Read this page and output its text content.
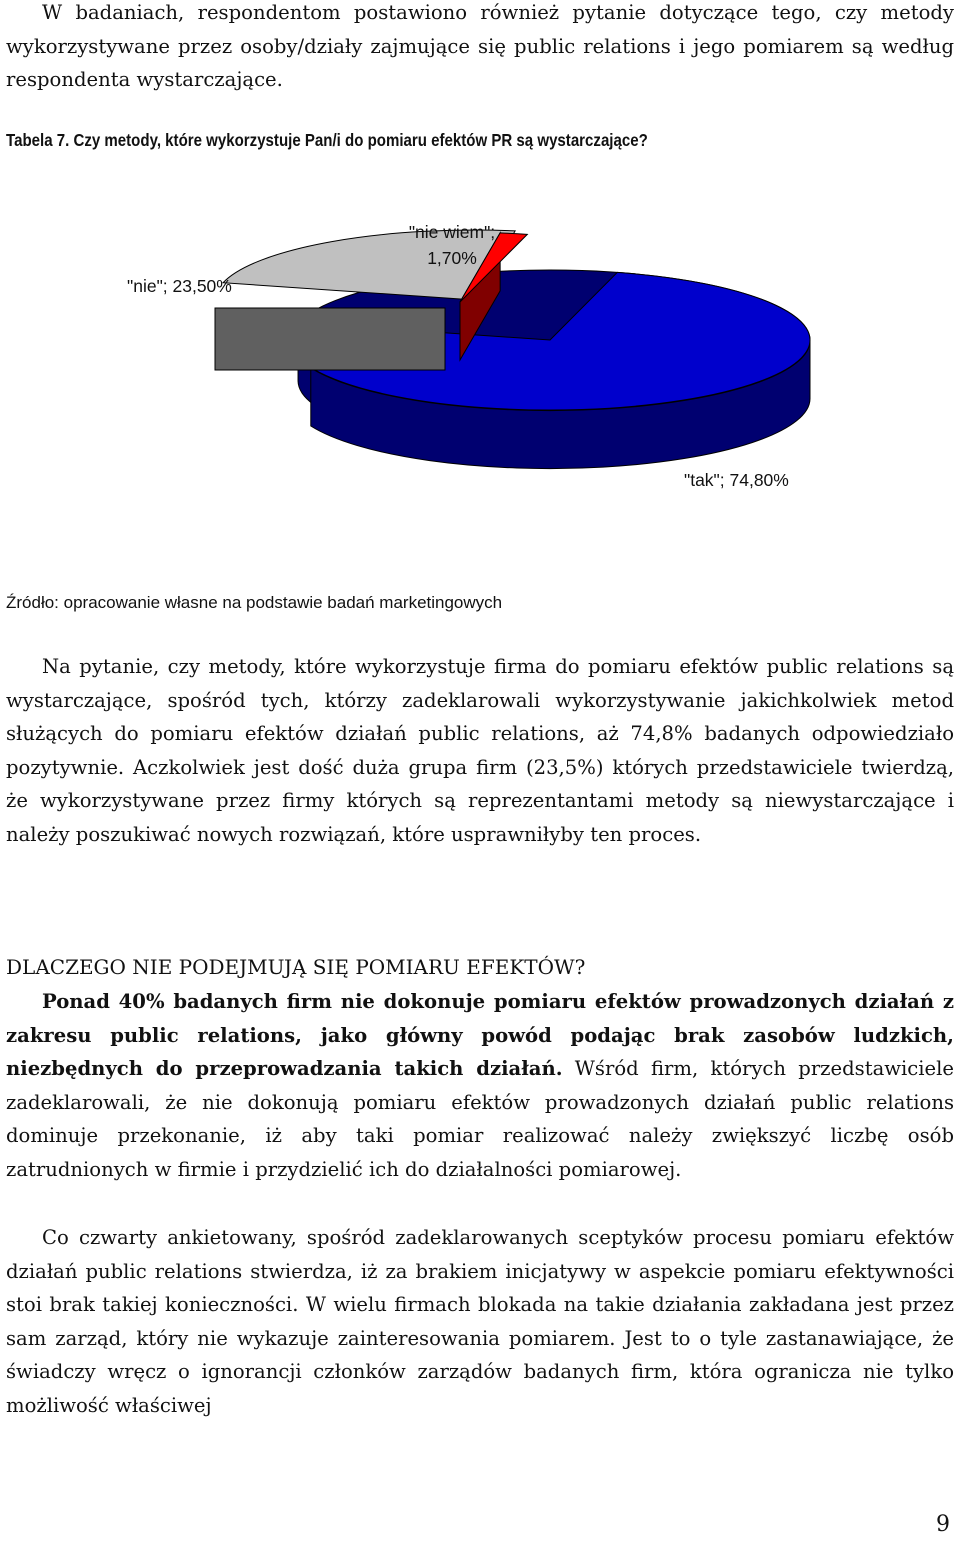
W badaniach, respondentom postawiono również pytanie dotyczące tego, czy metody wykorzystywane przez osoby/działy zajmujące się public relations i jego pomiarem są według respondenta wystarczające.

Tabela 7. Czy metody, które wykorzystuje Pan/i do pomiaru efektów PR są wystarczające?
"nie"; 23,50%
"nie wiem";
1,70%
"tak"; 74,80%
Źródło: opracowanie własne na podstawie badań marketingowych

Na pytanie, czy metody, które wykorzystuje firma do pomiaru efektów public relations są wystarczające, spośród tych, którzy zadeklarowali wykorzystywanie jakichkolwiek metod służących do pomiaru efektów działań public relations, aż 74,8% badanych odpowiedziało pozytywnie. Aczkolwiek jest dość duża grupa firm (23,5%) których przedstawiciele twierdzą, że wykorzystywane przez firmy których są reprezentantami metody są niewystarczające i należy poszukiwać nowych rozwiązań, które usprawniłyby ten proces.

DLACZEGO NIE PODEJMUJĄ SIĘ POMIARU EFEKTÓW?

Ponad 40% badanych firm nie dokonuje pomiaru efektów prowadzonych działań z zakresu public relations, jako główny powód podając brak zasobów ludzkich, niezbędnych do przeprowadzania takich działań. Wśród firm, których przedstawiciele zadeklarowali, że nie dokonują pomiaru efektów prowadzonych działań public relations dominuje przekonanie, iż aby taki pomiar realizować należy zwiększyć liczbę osób zatrudnionych w firmie i przydzielić ich do działalności pomiarowej.

Co czwarty ankietowany, spośród zadeklarowanych sceptyków procesu pomiaru efektów działań public relations stwierdza, iż za brakiem inicjatywy w aspekcie pomiaru efektywności stoi brak takiej konieczności. W wielu firmach blokada na takie działania zakładana jest przez sam zarząd, który nie wykazuje zainteresowania pomiarem. Jest to o tyle zastanawiające, że świadczy wręcz o ignorancji członków zarządów badanych firm, która ogranicza nie tylko możliwość właściwej

9
